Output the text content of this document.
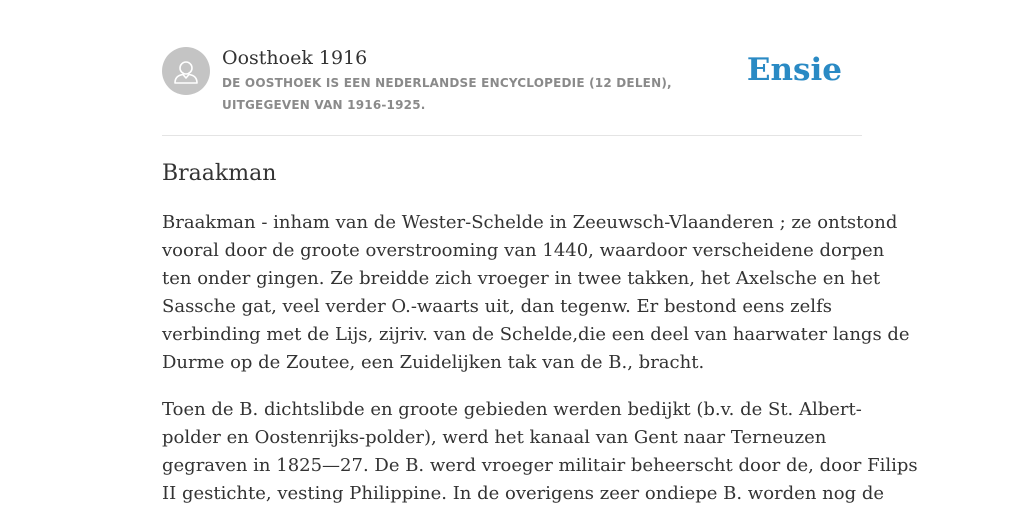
Oosthoek 1916
DE OOSTHOEK IS EEN NEDERLANDSE ENCYCLOPEDIE (12 DELEN), UITGEGEVEN VAN 1916-1925.
Ensie
Braakman

Braakman - inham van de Wester-Schelde in Zeeuwsch-Vlaanderen ; ze ontstond
vooral door de groote overstrooming van 1440, waardoor verscheidene dorpen
ten onder gingen. Ze breidde zich vroeger in twee takken, het Axelsche en het
Sassche gat, veel verder O.-waarts uit, dan tegenw. Er bestond eens zelfs
verbinding met de Lijs, zijriv. van de Schelde,die een deel van haarwater langs de
Durme op de Zoutee, een Zuidelijken tak van de B., bracht.

Toen de B. dichtslibde en groote gebieden werden bedijkt (b.v. de St. Albert-
polder en Oostenrijks-polder), werd het kanaal van Gent naar Terneuzen
gegraven in 1825—27. De B. werd vroeger militair beheerscht door de, door Filips
II gestichte, vesting Philippine. In de overigens zeer ondiepe B. worden nog de
